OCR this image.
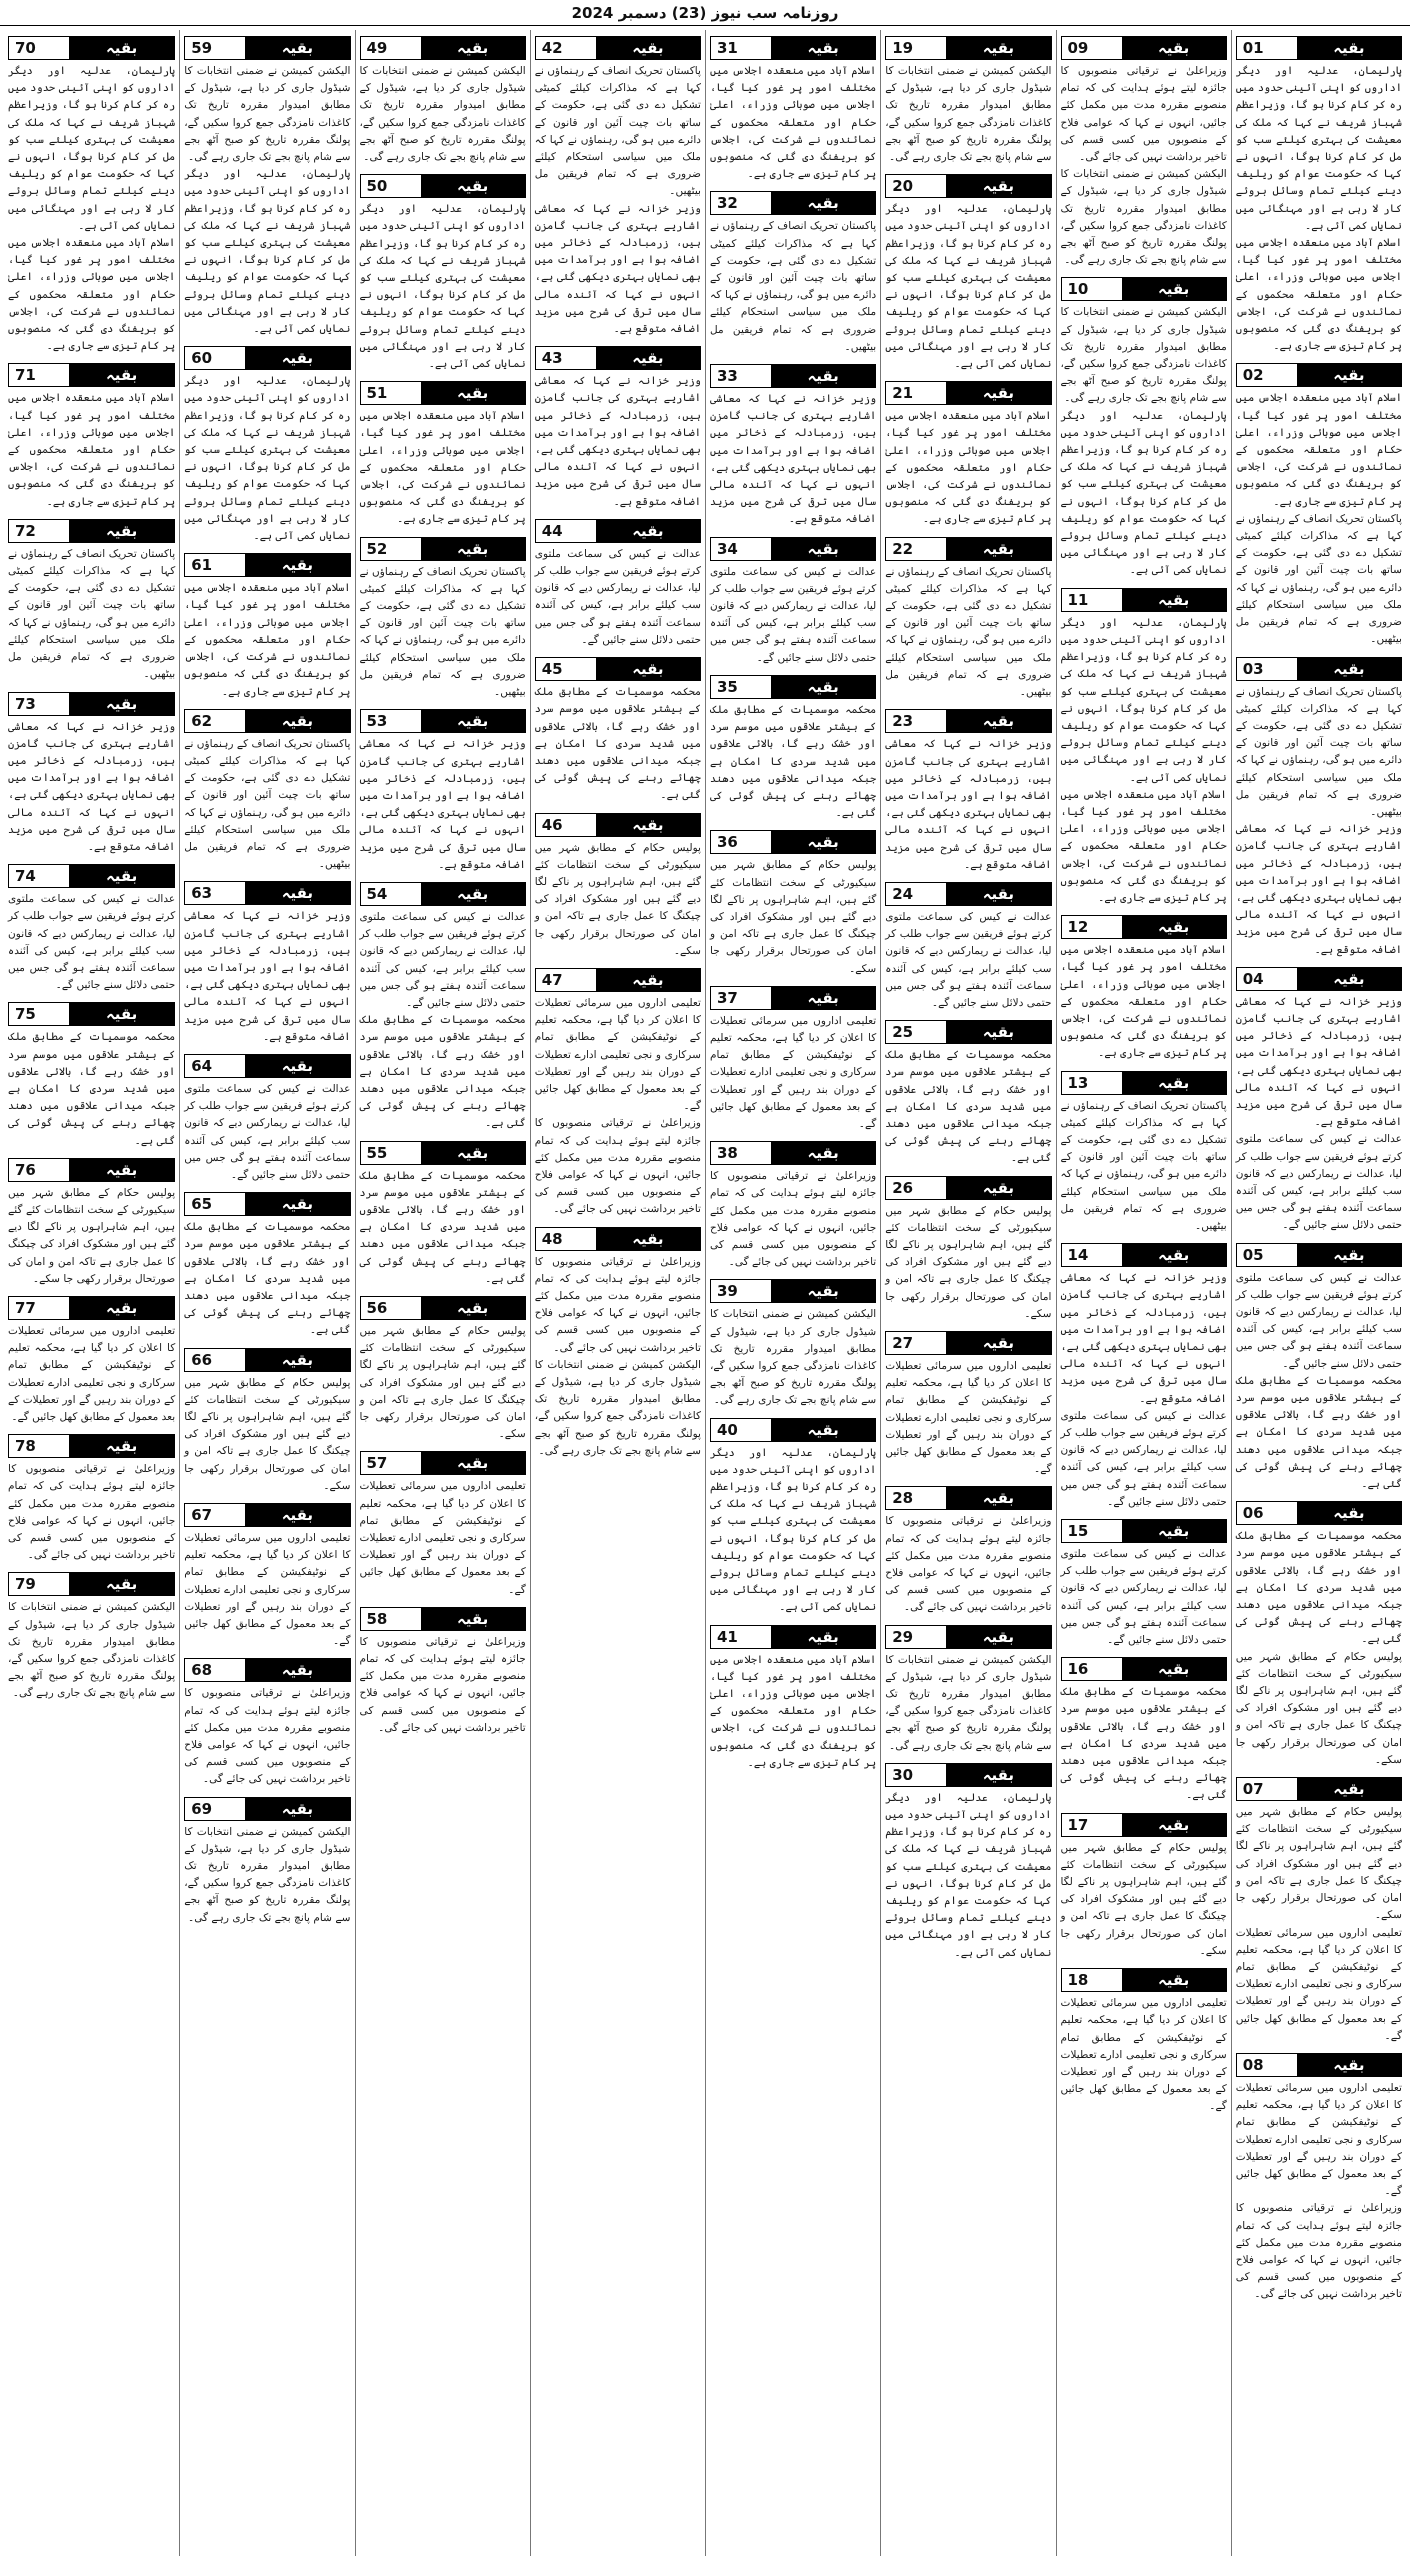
روزنامہ سب نیوز (23) دسمبر 2024
01	بقیہ

پارلیمان، عدلیہ اور دیگر اداروں کو اپنی آئینی حدود میں رہ کر کام کرنا ہو گا، وزیراعظم شہباز شریف نے کہا کہ ملک کی معیشت کی بہتری کیلئے سب کو مل کر کام کرنا ہوگا، انہوں نے کہا کہ حکومت عوام کو ریلیف دینے کیلئے تمام وسائل بروئے کار لا رہی ہے اور مہنگائی میں نمایاں کمی آئی ہے۔

اسلام آباد میں منعقدہ اجلاس میں مختلف امور پر غور کیا گیا، اجلاس میں صوبائی وزراء، اعلیٰ حکام اور متعلقہ محکموں کے نمائندوں نے شرکت کی، اجلاس کو بریفنگ دی گئی کہ منصوبوں پر کام تیزی سے جاری ہے۔

02	بقیہ

اسلام آباد میں منعقدہ اجلاس میں مختلف امور پر غور کیا گیا، اجلاس میں صوبائی وزراء، اعلیٰ حکام اور متعلقہ محکموں کے نمائندوں نے شرکت کی، اجلاس کو بریفنگ دی گئی کہ منصوبوں پر کام تیزی سے جاری ہے۔

پاکستان تحریک انصاف کے رہنماؤں نے کہا ہے کہ مذاکرات کیلئے کمیٹی تشکیل دے دی گئی ہے، حکومت کے ساتھ بات چیت آئین اور قانون کے دائرے میں ہو گی، رہنماؤں نے کہا کہ ملک میں سیاسی استحکام کیلئے ضروری ہے کہ تمام فریقین مل بیٹھیں۔

03	بقیہ

پاکستان تحریک انصاف کے رہنماؤں نے کہا ہے کہ مذاکرات کیلئے کمیٹی تشکیل دے دی گئی ہے، حکومت کے ساتھ بات چیت آئین اور قانون کے دائرے میں ہو گی، رہنماؤں نے کہا کہ ملک میں سیاسی استحکام کیلئے ضروری ہے کہ تمام فریقین مل بیٹھیں۔

وزیر خزانہ نے کہا کہ معاشی اشاریے بہتری کی جانب گامزن ہیں، زرمبادلہ کے ذخائر میں اضافہ ہوا ہے اور برآمدات میں بھی نمایاں بہتری دیکھی گئی ہے، انہوں نے کہا کہ آئندہ مالی سال میں ترقی کی شرح میں مزید اضافہ متوقع ہے۔

04	بقیہ

وزیر خزانہ نے کہا کہ معاشی اشاریے بہتری کی جانب گامزن ہیں، زرمبادلہ کے ذخائر میں اضافہ ہوا ہے اور برآمدات میں بھی نمایاں بہتری دیکھی گئی ہے، انہوں نے کہا کہ آئندہ مالی سال میں ترقی کی شرح میں مزید اضافہ متوقع ہے۔

عدالت نے کیس کی سماعت ملتوی کرتے ہوئے فریقین سے جواب طلب کر لیا، عدالت نے ریمارکس دیے کہ قانون سب کیلئے برابر ہے، کیس کی آئندہ سماعت آئندہ ہفتے ہو گی جس میں حتمی دلائل سنے جائیں گے۔

05	بقیہ

عدالت نے کیس کی سماعت ملتوی کرتے ہوئے فریقین سے جواب طلب کر لیا، عدالت نے ریمارکس دیے کہ قانون سب کیلئے برابر ہے، کیس کی آئندہ سماعت آئندہ ہفتے ہو گی جس میں حتمی دلائل سنے جائیں گے۔

محکمہ موسمیات کے مطابق ملک کے بیشتر علاقوں میں موسم سرد اور خشک رہے گا، بالائی علاقوں میں شدید سردی کا امکان ہے جبکہ میدانی علاقوں میں دھند چھائے رہنے کی پیش گوئی کی گئی ہے۔

06	بقیہ

محکمہ موسمیات کے مطابق ملک کے بیشتر علاقوں میں موسم سرد اور خشک رہے گا، بالائی علاقوں میں شدید سردی کا امکان ہے جبکہ میدانی علاقوں میں دھند چھائے رہنے کی پیش گوئی کی گئی ہے۔

پولیس حکام کے مطابق شہر میں سیکیورٹی کے سخت انتظامات کئے گئے ہیں، اہم شاہراہوں پر ناکے لگا دیے گئے ہیں اور مشکوک افراد کی چیکنگ کا عمل جاری ہے تاکہ امن و امان کی صورتحال برقرار رکھی جا سکے۔

07	بقیہ

پولیس حکام کے مطابق شہر میں سیکیورٹی کے سخت انتظامات کئے گئے ہیں، اہم شاہراہوں پر ناکے لگا دیے گئے ہیں اور مشکوک افراد کی چیکنگ کا عمل جاری ہے تاکہ امن و امان کی صورتحال برقرار رکھی جا سکے۔

تعلیمی اداروں میں سرمائی تعطیلات کا اعلان کر دیا گیا ہے، محکمہ تعلیم کے نوٹیفکیشن کے مطابق تمام سرکاری و نجی تعلیمی ادارے تعطیلات کے دوران بند رہیں گے اور تعطیلات کے بعد معمول کے مطابق کھل جائیں گے۔

08	بقیہ

تعلیمی اداروں میں سرمائی تعطیلات کا اعلان کر دیا گیا ہے، محکمہ تعلیم کے نوٹیفکیشن کے مطابق تمام سرکاری و نجی تعلیمی ادارے تعطیلات کے دوران بند رہیں گے اور تعطیلات کے بعد معمول کے مطابق کھل جائیں گے۔

وزیراعلیٰ نے ترقیاتی منصوبوں کا جائزہ لیتے ہوئے ہدایت کی کہ تمام منصوبے مقررہ مدت میں مکمل کئے جائیں، انہوں نے کہا کہ عوامی فلاح کے منصوبوں میں کسی قسم کی تاخیر برداشت نہیں کی جائے گی۔

09	بقیہ

وزیراعلیٰ نے ترقیاتی منصوبوں کا جائزہ لیتے ہوئے ہدایت کی کہ تمام منصوبے مقررہ مدت میں مکمل کئے جائیں، انہوں نے کہا کہ عوامی فلاح کے منصوبوں میں کسی قسم کی تاخیر برداشت نہیں کی جائے گی۔

الیکشن کمیشن نے ضمنی انتخابات کا شیڈول جاری کر دیا ہے، شیڈول کے مطابق امیدوار مقررہ تاریخ تک کاغذات نامزدگی جمع کروا سکیں گے، پولنگ مقررہ تاریخ کو صبح آٹھ بجے سے شام پانچ بجے تک جاری رہے گی۔

10	بقیہ

الیکشن کمیشن نے ضمنی انتخابات کا شیڈول جاری کر دیا ہے، شیڈول کے مطابق امیدوار مقررہ تاریخ تک کاغذات نامزدگی جمع کروا سکیں گے، پولنگ مقررہ تاریخ کو صبح آٹھ بجے سے شام پانچ بجے تک جاری رہے گی۔

پارلیمان، عدلیہ اور دیگر اداروں کو اپنی آئینی حدود میں رہ کر کام کرنا ہو گا، وزیراعظم شہباز شریف نے کہا کہ ملک کی معیشت کی بہتری کیلئے سب کو مل کر کام کرنا ہوگا، انہوں نے کہا کہ حکومت عوام کو ریلیف دینے کیلئے تمام وسائل بروئے کار لا رہی ہے اور مہنگائی میں نمایاں کمی آئی ہے۔

11	بقیہ

پارلیمان، عدلیہ اور دیگر اداروں کو اپنی آئینی حدود میں رہ کر کام کرنا ہو گا، وزیراعظم شہباز شریف نے کہا کہ ملک کی معیشت کی بہتری کیلئے سب کو مل کر کام کرنا ہوگا، انہوں نے کہا کہ حکومت عوام کو ریلیف دینے کیلئے تمام وسائل بروئے کار لا رہی ہے اور مہنگائی میں نمایاں کمی آئی ہے۔

اسلام آباد میں منعقدہ اجلاس میں مختلف امور پر غور کیا گیا، اجلاس میں صوبائی وزراء، اعلیٰ حکام اور متعلقہ محکموں کے نمائندوں نے شرکت کی، اجلاس کو بریفنگ دی گئی کہ منصوبوں پر کام تیزی سے جاری ہے۔

12	بقیہ

اسلام آباد میں منعقدہ اجلاس میں مختلف امور پر غور کیا گیا، اجلاس میں صوبائی وزراء، اعلیٰ حکام اور متعلقہ محکموں کے نمائندوں نے شرکت کی، اجلاس کو بریفنگ دی گئی کہ منصوبوں پر کام تیزی سے جاری ہے۔

13	بقیہ

پاکستان تحریک انصاف کے رہنماؤں نے کہا ہے کہ مذاکرات کیلئے کمیٹی تشکیل دے دی گئی ہے، حکومت کے ساتھ بات چیت آئین اور قانون کے دائرے میں ہو گی، رہنماؤں نے کہا کہ ملک میں سیاسی استحکام کیلئے ضروری ہے کہ تمام فریقین مل بیٹھیں۔

14	بقیہ

وزیر خزانہ نے کہا کہ معاشی اشاریے بہتری کی جانب گامزن ہیں، زرمبادلہ کے ذخائر میں اضافہ ہوا ہے اور برآمدات میں بھی نمایاں بہتری دیکھی گئی ہے، انہوں نے کہا کہ آئندہ مالی سال میں ترقی کی شرح میں مزید اضافہ متوقع ہے۔

عدالت نے کیس کی سماعت ملتوی کرتے ہوئے فریقین سے جواب طلب کر لیا، عدالت نے ریمارکس دیے کہ قانون سب کیلئے برابر ہے، کیس کی آئندہ سماعت آئندہ ہفتے ہو گی جس میں حتمی دلائل سنے جائیں گے۔

15	بقیہ

عدالت نے کیس کی سماعت ملتوی کرتے ہوئے فریقین سے جواب طلب کر لیا، عدالت نے ریمارکس دیے کہ قانون سب کیلئے برابر ہے، کیس کی آئندہ سماعت آئندہ ہفتے ہو گی جس میں حتمی دلائل سنے جائیں گے۔

16	بقیہ

محکمہ موسمیات کے مطابق ملک کے بیشتر علاقوں میں موسم سرد اور خشک رہے گا، بالائی علاقوں میں شدید سردی کا امکان ہے جبکہ میدانی علاقوں میں دھند چھائے رہنے کی پیش گوئی کی گئی ہے۔

17	بقیہ

پولیس حکام کے مطابق شہر میں سیکیورٹی کے سخت انتظامات کئے گئے ہیں، اہم شاہراہوں پر ناکے لگا دیے گئے ہیں اور مشکوک افراد کی چیکنگ کا عمل جاری ہے تاکہ امن و امان کی صورتحال برقرار رکھی جا سکے۔

18	بقیہ

تعلیمی اداروں میں سرمائی تعطیلات کا اعلان کر دیا گیا ہے، محکمہ تعلیم کے نوٹیفکیشن کے مطابق تمام سرکاری و نجی تعلیمی ادارے تعطیلات کے دوران بند رہیں گے اور تعطیلات کے بعد معمول کے مطابق کھل جائیں گے۔

19	بقیہ

الیکشن کمیشن نے ضمنی انتخابات کا شیڈول جاری کر دیا ہے، شیڈول کے مطابق امیدوار مقررہ تاریخ تک کاغذات نامزدگی جمع کروا سکیں گے، پولنگ مقررہ تاریخ کو صبح آٹھ بجے سے شام پانچ بجے تک جاری رہے گی۔

20	بقیہ

پارلیمان، عدلیہ اور دیگر اداروں کو اپنی آئینی حدود میں رہ کر کام کرنا ہو گا، وزیراعظم شہباز شریف نے کہا کہ ملک کی معیشت کی بہتری کیلئے سب کو مل کر کام کرنا ہوگا، انہوں نے کہا کہ حکومت عوام کو ریلیف دینے کیلئے تمام وسائل بروئے کار لا رہی ہے اور مہنگائی میں نمایاں کمی آئی ہے۔

21	بقیہ

اسلام آباد میں منعقدہ اجلاس میں مختلف امور پر غور کیا گیا، اجلاس میں صوبائی وزراء، اعلیٰ حکام اور متعلقہ محکموں کے نمائندوں نے شرکت کی، اجلاس کو بریفنگ دی گئی کہ منصوبوں پر کام تیزی سے جاری ہے۔

22	بقیہ

پاکستان تحریک انصاف کے رہنماؤں نے کہا ہے کہ مذاکرات کیلئے کمیٹی تشکیل دے دی گئی ہے، حکومت کے ساتھ بات چیت آئین اور قانون کے دائرے میں ہو گی، رہنماؤں نے کہا کہ ملک میں سیاسی استحکام کیلئے ضروری ہے کہ تمام فریقین مل بیٹھیں۔

23	بقیہ

وزیر خزانہ نے کہا کہ معاشی اشاریے بہتری کی جانب گامزن ہیں، زرمبادلہ کے ذخائر میں اضافہ ہوا ہے اور برآمدات میں بھی نمایاں بہتری دیکھی گئی ہے، انہوں نے کہا کہ آئندہ مالی سال میں ترقی کی شرح میں مزید اضافہ متوقع ہے۔

24	بقیہ

عدالت نے کیس کی سماعت ملتوی کرتے ہوئے فریقین سے جواب طلب کر لیا، عدالت نے ریمارکس دیے کہ قانون سب کیلئے برابر ہے، کیس کی آئندہ سماعت آئندہ ہفتے ہو گی جس میں حتمی دلائل سنے جائیں گے۔

25	بقیہ

محکمہ موسمیات کے مطابق ملک کے بیشتر علاقوں میں موسم سرد اور خشک رہے گا، بالائی علاقوں میں شدید سردی کا امکان ہے جبکہ میدانی علاقوں میں دھند چھائے رہنے کی پیش گوئی کی گئی ہے۔

26	بقیہ

پولیس حکام کے مطابق شہر میں سیکیورٹی کے سخت انتظامات کئے گئے ہیں، اہم شاہراہوں پر ناکے لگا دیے گئے ہیں اور مشکوک افراد کی چیکنگ کا عمل جاری ہے تاکہ امن و امان کی صورتحال برقرار رکھی جا سکے۔

27	بقیہ

تعلیمی اداروں میں سرمائی تعطیلات کا اعلان کر دیا گیا ہے، محکمہ تعلیم کے نوٹیفکیشن کے مطابق تمام سرکاری و نجی تعلیمی ادارے تعطیلات کے دوران بند رہیں گے اور تعطیلات کے بعد معمول کے مطابق کھل جائیں گے۔

28	بقیہ

وزیراعلیٰ نے ترقیاتی منصوبوں کا جائزہ لیتے ہوئے ہدایت کی کہ تمام منصوبے مقررہ مدت میں مکمل کئے جائیں، انہوں نے کہا کہ عوامی فلاح کے منصوبوں میں کسی قسم کی تاخیر برداشت نہیں کی جائے گی۔

29	بقیہ

الیکشن کمیشن نے ضمنی انتخابات کا شیڈول جاری کر دیا ہے، شیڈول کے مطابق امیدوار مقررہ تاریخ تک کاغذات نامزدگی جمع کروا سکیں گے، پولنگ مقررہ تاریخ کو صبح آٹھ بجے سے شام پانچ بجے تک جاری رہے گی۔

30	بقیہ

پارلیمان، عدلیہ اور دیگر اداروں کو اپنی آئینی حدود میں رہ کر کام کرنا ہو گا، وزیراعظم شہباز شریف نے کہا کہ ملک کی معیشت کی بہتری کیلئے سب کو مل کر کام کرنا ہوگا، انہوں نے کہا کہ حکومت عوام کو ریلیف دینے کیلئے تمام وسائل بروئے کار لا رہی ہے اور مہنگائی میں نمایاں کمی آئی ہے۔

31	بقیہ

اسلام آباد میں منعقدہ اجلاس میں مختلف امور پر غور کیا گیا، اجلاس میں صوبائی وزراء، اعلیٰ حکام اور متعلقہ محکموں کے نمائندوں نے شرکت کی، اجلاس کو بریفنگ دی گئی کہ منصوبوں پر کام تیزی سے جاری ہے۔

32	بقیہ

پاکستان تحریک انصاف کے رہنماؤں نے کہا ہے کہ مذاکرات کیلئے کمیٹی تشکیل دے دی گئی ہے، حکومت کے ساتھ بات چیت آئین اور قانون کے دائرے میں ہو گی، رہنماؤں نے کہا کہ ملک میں سیاسی استحکام کیلئے ضروری ہے کہ تمام فریقین مل بیٹھیں۔

33	بقیہ

وزیر خزانہ نے کہا کہ معاشی اشاریے بہتری کی جانب گامزن ہیں، زرمبادلہ کے ذخائر میں اضافہ ہوا ہے اور برآمدات میں بھی نمایاں بہتری دیکھی گئی ہے، انہوں نے کہا کہ آئندہ مالی سال میں ترقی کی شرح میں مزید اضافہ متوقع ہے۔

34	بقیہ

عدالت نے کیس کی سماعت ملتوی کرتے ہوئے فریقین سے جواب طلب کر لیا، عدالت نے ریمارکس دیے کہ قانون سب کیلئے برابر ہے، کیس کی آئندہ سماعت آئندہ ہفتے ہو گی جس میں حتمی دلائل سنے جائیں گے۔

35	بقیہ

محکمہ موسمیات کے مطابق ملک کے بیشتر علاقوں میں موسم سرد اور خشک رہے گا، بالائی علاقوں میں شدید سردی کا امکان ہے جبکہ میدانی علاقوں میں دھند چھائے رہنے کی پیش گوئی کی گئی ہے۔

36	بقیہ

پولیس حکام کے مطابق شہر میں سیکیورٹی کے سخت انتظامات کئے گئے ہیں، اہم شاہراہوں پر ناکے لگا دیے گئے ہیں اور مشکوک افراد کی چیکنگ کا عمل جاری ہے تاکہ امن و امان کی صورتحال برقرار رکھی جا سکے۔

37	بقیہ

تعلیمی اداروں میں سرمائی تعطیلات کا اعلان کر دیا گیا ہے، محکمہ تعلیم کے نوٹیفکیشن کے مطابق تمام سرکاری و نجی تعلیمی ادارے تعطیلات کے دوران بند رہیں گے اور تعطیلات کے بعد معمول کے مطابق کھل جائیں گے۔

38	بقیہ

وزیراعلیٰ نے ترقیاتی منصوبوں کا جائزہ لیتے ہوئے ہدایت کی کہ تمام منصوبے مقررہ مدت میں مکمل کئے جائیں، انہوں نے کہا کہ عوامی فلاح کے منصوبوں میں کسی قسم کی تاخیر برداشت نہیں کی جائے گی۔

39	بقیہ

الیکشن کمیشن نے ضمنی انتخابات کا شیڈول جاری کر دیا ہے، شیڈول کے مطابق امیدوار مقررہ تاریخ تک کاغذات نامزدگی جمع کروا سکیں گے، پولنگ مقررہ تاریخ کو صبح آٹھ بجے سے شام پانچ بجے تک جاری رہے گی۔

40	بقیہ

پارلیمان، عدلیہ اور دیگر اداروں کو اپنی آئینی حدود میں رہ کر کام کرنا ہو گا، وزیراعظم شہباز شریف نے کہا کہ ملک کی معیشت کی بہتری کیلئے سب کو مل کر کام کرنا ہوگا، انہوں نے کہا کہ حکومت عوام کو ریلیف دینے کیلئے تمام وسائل بروئے کار لا رہی ہے اور مہنگائی میں نمایاں کمی آئی ہے۔

41	بقیہ

اسلام آباد میں منعقدہ اجلاس میں مختلف امور پر غور کیا گیا، اجلاس میں صوبائی وزراء، اعلیٰ حکام اور متعلقہ محکموں کے نمائندوں نے شرکت کی، اجلاس کو بریفنگ دی گئی کہ منصوبوں پر کام تیزی سے جاری ہے۔

42	بقیہ

پاکستان تحریک انصاف کے رہنماؤں نے کہا ہے کہ مذاکرات کیلئے کمیٹی تشکیل دے دی گئی ہے، حکومت کے ساتھ بات چیت آئین اور قانون کے دائرے میں ہو گی، رہنماؤں نے کہا کہ ملک میں سیاسی استحکام کیلئے ضروری ہے کہ تمام فریقین مل بیٹھیں۔

وزیر خزانہ نے کہا کہ معاشی اشاریے بہتری کی جانب گامزن ہیں، زرمبادلہ کے ذخائر میں اضافہ ہوا ہے اور برآمدات میں بھی نمایاں بہتری دیکھی گئی ہے، انہوں نے کہا کہ آئندہ مالی سال میں ترقی کی شرح میں مزید اضافہ متوقع ہے۔

43	بقیہ

وزیر خزانہ نے کہا کہ معاشی اشاریے بہتری کی جانب گامزن ہیں، زرمبادلہ کے ذخائر میں اضافہ ہوا ہے اور برآمدات میں بھی نمایاں بہتری دیکھی گئی ہے، انہوں نے کہا کہ آئندہ مالی سال میں ترقی کی شرح میں مزید اضافہ متوقع ہے۔

44	بقیہ

عدالت نے کیس کی سماعت ملتوی کرتے ہوئے فریقین سے جواب طلب کر لیا، عدالت نے ریمارکس دیے کہ قانون سب کیلئے برابر ہے، کیس کی آئندہ سماعت آئندہ ہفتے ہو گی جس میں حتمی دلائل سنے جائیں گے۔

45	بقیہ

محکمہ موسمیات کے مطابق ملک کے بیشتر علاقوں میں موسم سرد اور خشک رہے گا، بالائی علاقوں میں شدید سردی کا امکان ہے جبکہ میدانی علاقوں میں دھند چھائے رہنے کی پیش گوئی کی گئی ہے۔

46	بقیہ

پولیس حکام کے مطابق شہر میں سیکیورٹی کے سخت انتظامات کئے گئے ہیں، اہم شاہراہوں پر ناکے لگا دیے گئے ہیں اور مشکوک افراد کی چیکنگ کا عمل جاری ہے تاکہ امن و امان کی صورتحال برقرار رکھی جا سکے۔

47	بقیہ

تعلیمی اداروں میں سرمائی تعطیلات کا اعلان کر دیا گیا ہے، محکمہ تعلیم کے نوٹیفکیشن کے مطابق تمام سرکاری و نجی تعلیمی ادارے تعطیلات کے دوران بند رہیں گے اور تعطیلات کے بعد معمول کے مطابق کھل جائیں گے۔

وزیراعلیٰ نے ترقیاتی منصوبوں کا جائزہ لیتے ہوئے ہدایت کی کہ تمام منصوبے مقررہ مدت میں مکمل کئے جائیں، انہوں نے کہا کہ عوامی فلاح کے منصوبوں میں کسی قسم کی تاخیر برداشت نہیں کی جائے گی۔

48	بقیہ

وزیراعلیٰ نے ترقیاتی منصوبوں کا جائزہ لیتے ہوئے ہدایت کی کہ تمام منصوبے مقررہ مدت میں مکمل کئے جائیں، انہوں نے کہا کہ عوامی فلاح کے منصوبوں میں کسی قسم کی تاخیر برداشت نہیں کی جائے گی۔

الیکشن کمیشن نے ضمنی انتخابات کا شیڈول جاری کر دیا ہے، شیڈول کے مطابق امیدوار مقررہ تاریخ تک کاغذات نامزدگی جمع کروا سکیں گے، پولنگ مقررہ تاریخ کو صبح آٹھ بجے سے شام پانچ بجے تک جاری رہے گی۔

49	بقیہ

الیکشن کمیشن نے ضمنی انتخابات کا شیڈول جاری کر دیا ہے، شیڈول کے مطابق امیدوار مقررہ تاریخ تک کاغذات نامزدگی جمع کروا سکیں گے، پولنگ مقررہ تاریخ کو صبح آٹھ بجے سے شام پانچ بجے تک جاری رہے گی۔

50	بقیہ

پارلیمان، عدلیہ اور دیگر اداروں کو اپنی آئینی حدود میں رہ کر کام کرنا ہو گا، وزیراعظم شہباز شریف نے کہا کہ ملک کی معیشت کی بہتری کیلئے سب کو مل کر کام کرنا ہوگا، انہوں نے کہا کہ حکومت عوام کو ریلیف دینے کیلئے تمام وسائل بروئے کار لا رہی ہے اور مہنگائی میں نمایاں کمی آئی ہے۔

51	بقیہ

اسلام آباد میں منعقدہ اجلاس میں مختلف امور پر غور کیا گیا، اجلاس میں صوبائی وزراء، اعلیٰ حکام اور متعلقہ محکموں کے نمائندوں نے شرکت کی، اجلاس کو بریفنگ دی گئی کہ منصوبوں پر کام تیزی سے جاری ہے۔

52	بقیہ

پاکستان تحریک انصاف کے رہنماؤں نے کہا ہے کہ مذاکرات کیلئے کمیٹی تشکیل دے دی گئی ہے، حکومت کے ساتھ بات چیت آئین اور قانون کے دائرے میں ہو گی، رہنماؤں نے کہا کہ ملک میں سیاسی استحکام کیلئے ضروری ہے کہ تمام فریقین مل بیٹھیں۔

53	بقیہ

وزیر خزانہ نے کہا کہ معاشی اشاریے بہتری کی جانب گامزن ہیں، زرمبادلہ کے ذخائر میں اضافہ ہوا ہے اور برآمدات میں بھی نمایاں بہتری دیکھی گئی ہے، انہوں نے کہا کہ آئندہ مالی سال میں ترقی کی شرح میں مزید اضافہ متوقع ہے۔

54	بقیہ

عدالت نے کیس کی سماعت ملتوی کرتے ہوئے فریقین سے جواب طلب کر لیا، عدالت نے ریمارکس دیے کہ قانون سب کیلئے برابر ہے، کیس کی آئندہ سماعت آئندہ ہفتے ہو گی جس میں حتمی دلائل سنے جائیں گے۔

محکمہ موسمیات کے مطابق ملک کے بیشتر علاقوں میں موسم سرد اور خشک رہے گا، بالائی علاقوں میں شدید سردی کا امکان ہے جبکہ میدانی علاقوں میں دھند چھائے رہنے کی پیش گوئی کی گئی ہے۔

55	بقیہ

محکمہ موسمیات کے مطابق ملک کے بیشتر علاقوں میں موسم سرد اور خشک رہے گا، بالائی علاقوں میں شدید سردی کا امکان ہے جبکہ میدانی علاقوں میں دھند چھائے رہنے کی پیش گوئی کی گئی ہے۔

56	بقیہ

پولیس حکام کے مطابق شہر میں سیکیورٹی کے سخت انتظامات کئے گئے ہیں، اہم شاہراہوں پر ناکے لگا دیے گئے ہیں اور مشکوک افراد کی چیکنگ کا عمل جاری ہے تاکہ امن و امان کی صورتحال برقرار رکھی جا سکے۔

57	بقیہ

تعلیمی اداروں میں سرمائی تعطیلات کا اعلان کر دیا گیا ہے، محکمہ تعلیم کے نوٹیفکیشن کے مطابق تمام سرکاری و نجی تعلیمی ادارے تعطیلات کے دوران بند رہیں گے اور تعطیلات کے بعد معمول کے مطابق کھل جائیں گے۔

58	بقیہ

وزیراعلیٰ نے ترقیاتی منصوبوں کا جائزہ لیتے ہوئے ہدایت کی کہ تمام منصوبے مقررہ مدت میں مکمل کئے جائیں، انہوں نے کہا کہ عوامی فلاح کے منصوبوں میں کسی قسم کی تاخیر برداشت نہیں کی جائے گی۔

59	بقیہ

الیکشن کمیشن نے ضمنی انتخابات کا شیڈول جاری کر دیا ہے، شیڈول کے مطابق امیدوار مقررہ تاریخ تک کاغذات نامزدگی جمع کروا سکیں گے، پولنگ مقررہ تاریخ کو صبح آٹھ بجے سے شام پانچ بجے تک جاری رہے گی۔

پارلیمان، عدلیہ اور دیگر اداروں کو اپنی آئینی حدود میں رہ کر کام کرنا ہو گا، وزیراعظم شہباز شریف نے کہا کہ ملک کی معیشت کی بہتری کیلئے سب کو مل کر کام کرنا ہوگا، انہوں نے کہا کہ حکومت عوام کو ریلیف دینے کیلئے تمام وسائل بروئے کار لا رہی ہے اور مہنگائی میں نمایاں کمی آئی ہے۔

60	بقیہ

پارلیمان، عدلیہ اور دیگر اداروں کو اپنی آئینی حدود میں رہ کر کام کرنا ہو گا، وزیراعظم شہباز شریف نے کہا کہ ملک کی معیشت کی بہتری کیلئے سب کو مل کر کام کرنا ہوگا، انہوں نے کہا کہ حکومت عوام کو ریلیف دینے کیلئے تمام وسائل بروئے کار لا رہی ہے اور مہنگائی میں نمایاں کمی آئی ہے۔

61	بقیہ

اسلام آباد میں منعقدہ اجلاس میں مختلف امور پر غور کیا گیا، اجلاس میں صوبائی وزراء، اعلیٰ حکام اور متعلقہ محکموں کے نمائندوں نے شرکت کی، اجلاس کو بریفنگ دی گئی کہ منصوبوں پر کام تیزی سے جاری ہے۔

62	بقیہ

پاکستان تحریک انصاف کے رہنماؤں نے کہا ہے کہ مذاکرات کیلئے کمیٹی تشکیل دے دی گئی ہے، حکومت کے ساتھ بات چیت آئین اور قانون کے دائرے میں ہو گی، رہنماؤں نے کہا کہ ملک میں سیاسی استحکام کیلئے ضروری ہے کہ تمام فریقین مل بیٹھیں۔

63	بقیہ

وزیر خزانہ نے کہا کہ معاشی اشاریے بہتری کی جانب گامزن ہیں، زرمبادلہ کے ذخائر میں اضافہ ہوا ہے اور برآمدات میں بھی نمایاں بہتری دیکھی گئی ہے، انہوں نے کہا کہ آئندہ مالی سال میں ترقی کی شرح میں مزید اضافہ متوقع ہے۔

64	بقیہ

عدالت نے کیس کی سماعت ملتوی کرتے ہوئے فریقین سے جواب طلب کر لیا، عدالت نے ریمارکس دیے کہ قانون سب کیلئے برابر ہے، کیس کی آئندہ سماعت آئندہ ہفتے ہو گی جس میں حتمی دلائل سنے جائیں گے۔

65	بقیہ

محکمہ موسمیات کے مطابق ملک کے بیشتر علاقوں میں موسم سرد اور خشک رہے گا، بالائی علاقوں میں شدید سردی کا امکان ہے جبکہ میدانی علاقوں میں دھند چھائے رہنے کی پیش گوئی کی گئی ہے۔

66	بقیہ

پولیس حکام کے مطابق شہر میں سیکیورٹی کے سخت انتظامات کئے گئے ہیں، اہم شاہراہوں پر ناکے لگا دیے گئے ہیں اور مشکوک افراد کی چیکنگ کا عمل جاری ہے تاکہ امن و امان کی صورتحال برقرار رکھی جا سکے۔

67	بقیہ

تعلیمی اداروں میں سرمائی تعطیلات کا اعلان کر دیا گیا ہے، محکمہ تعلیم کے نوٹیفکیشن کے مطابق تمام سرکاری و نجی تعلیمی ادارے تعطیلات کے دوران بند رہیں گے اور تعطیلات کے بعد معمول کے مطابق کھل جائیں گے۔

68	بقیہ

وزیراعلیٰ نے ترقیاتی منصوبوں کا جائزہ لیتے ہوئے ہدایت کی کہ تمام منصوبے مقررہ مدت میں مکمل کئے جائیں، انہوں نے کہا کہ عوامی فلاح کے منصوبوں میں کسی قسم کی تاخیر برداشت نہیں کی جائے گی۔

69	بقیہ

الیکشن کمیشن نے ضمنی انتخابات کا شیڈول جاری کر دیا ہے، شیڈول کے مطابق امیدوار مقررہ تاریخ تک کاغذات نامزدگی جمع کروا سکیں گے، پولنگ مقررہ تاریخ کو صبح آٹھ بجے سے شام پانچ بجے تک جاری رہے گی۔

70	بقیہ

پارلیمان، عدلیہ اور دیگر اداروں کو اپنی آئینی حدود میں رہ کر کام کرنا ہو گا، وزیراعظم شہباز شریف نے کہا کہ ملک کی معیشت کی بہتری کیلئے سب کو مل کر کام کرنا ہوگا، انہوں نے کہا کہ حکومت عوام کو ریلیف دینے کیلئے تمام وسائل بروئے کار لا رہی ہے اور مہنگائی میں نمایاں کمی آئی ہے۔

اسلام آباد میں منعقدہ اجلاس میں مختلف امور پر غور کیا گیا، اجلاس میں صوبائی وزراء، اعلیٰ حکام اور متعلقہ محکموں کے نمائندوں نے شرکت کی، اجلاس کو بریفنگ دی گئی کہ منصوبوں پر کام تیزی سے جاری ہے۔

71	بقیہ

اسلام آباد میں منعقدہ اجلاس میں مختلف امور پر غور کیا گیا، اجلاس میں صوبائی وزراء، اعلیٰ حکام اور متعلقہ محکموں کے نمائندوں نے شرکت کی، اجلاس کو بریفنگ دی گئی کہ منصوبوں پر کام تیزی سے جاری ہے۔

72	بقیہ

پاکستان تحریک انصاف کے رہنماؤں نے کہا ہے کہ مذاکرات کیلئے کمیٹی تشکیل دے دی گئی ہے، حکومت کے ساتھ بات چیت آئین اور قانون کے دائرے میں ہو گی، رہنماؤں نے کہا کہ ملک میں سیاسی استحکام کیلئے ضروری ہے کہ تمام فریقین مل بیٹھیں۔

73	بقیہ

وزیر خزانہ نے کہا کہ معاشی اشاریے بہتری کی جانب گامزن ہیں، زرمبادلہ کے ذخائر میں اضافہ ہوا ہے اور برآمدات میں بھی نمایاں بہتری دیکھی گئی ہے، انہوں نے کہا کہ آئندہ مالی سال میں ترقی کی شرح میں مزید اضافہ متوقع ہے۔

74	بقیہ

عدالت نے کیس کی سماعت ملتوی کرتے ہوئے فریقین سے جواب طلب کر لیا، عدالت نے ریمارکس دیے کہ قانون سب کیلئے برابر ہے، کیس کی آئندہ سماعت آئندہ ہفتے ہو گی جس میں حتمی دلائل سنے جائیں گے۔

75	بقیہ

محکمہ موسمیات کے مطابق ملک کے بیشتر علاقوں میں موسم سرد اور خشک رہے گا، بالائی علاقوں میں شدید سردی کا امکان ہے جبکہ میدانی علاقوں میں دھند چھائے رہنے کی پیش گوئی کی گئی ہے۔

76	بقیہ

پولیس حکام کے مطابق شہر میں سیکیورٹی کے سخت انتظامات کئے گئے ہیں، اہم شاہراہوں پر ناکے لگا دیے گئے ہیں اور مشکوک افراد کی چیکنگ کا عمل جاری ہے تاکہ امن و امان کی صورتحال برقرار رکھی جا سکے۔

77	بقیہ

تعلیمی اداروں میں سرمائی تعطیلات کا اعلان کر دیا گیا ہے، محکمہ تعلیم کے نوٹیفکیشن کے مطابق تمام سرکاری و نجی تعلیمی ادارے تعطیلات کے دوران بند رہیں گے اور تعطیلات کے بعد معمول کے مطابق کھل جائیں گے۔

78	بقیہ

وزیراعلیٰ نے ترقیاتی منصوبوں کا جائزہ لیتے ہوئے ہدایت کی کہ تمام منصوبے مقررہ مدت میں مکمل کئے جائیں، انہوں نے کہا کہ عوامی فلاح کے منصوبوں میں کسی قسم کی تاخیر برداشت نہیں کی جائے گی۔

79	بقیہ

الیکشن کمیشن نے ضمنی انتخابات کا شیڈول جاری کر دیا ہے، شیڈول کے مطابق امیدوار مقررہ تاریخ تک کاغذات نامزدگی جمع کروا سکیں گے، پولنگ مقررہ تاریخ کو صبح آٹھ بجے سے شام پانچ بجے تک جاری رہے گی۔
